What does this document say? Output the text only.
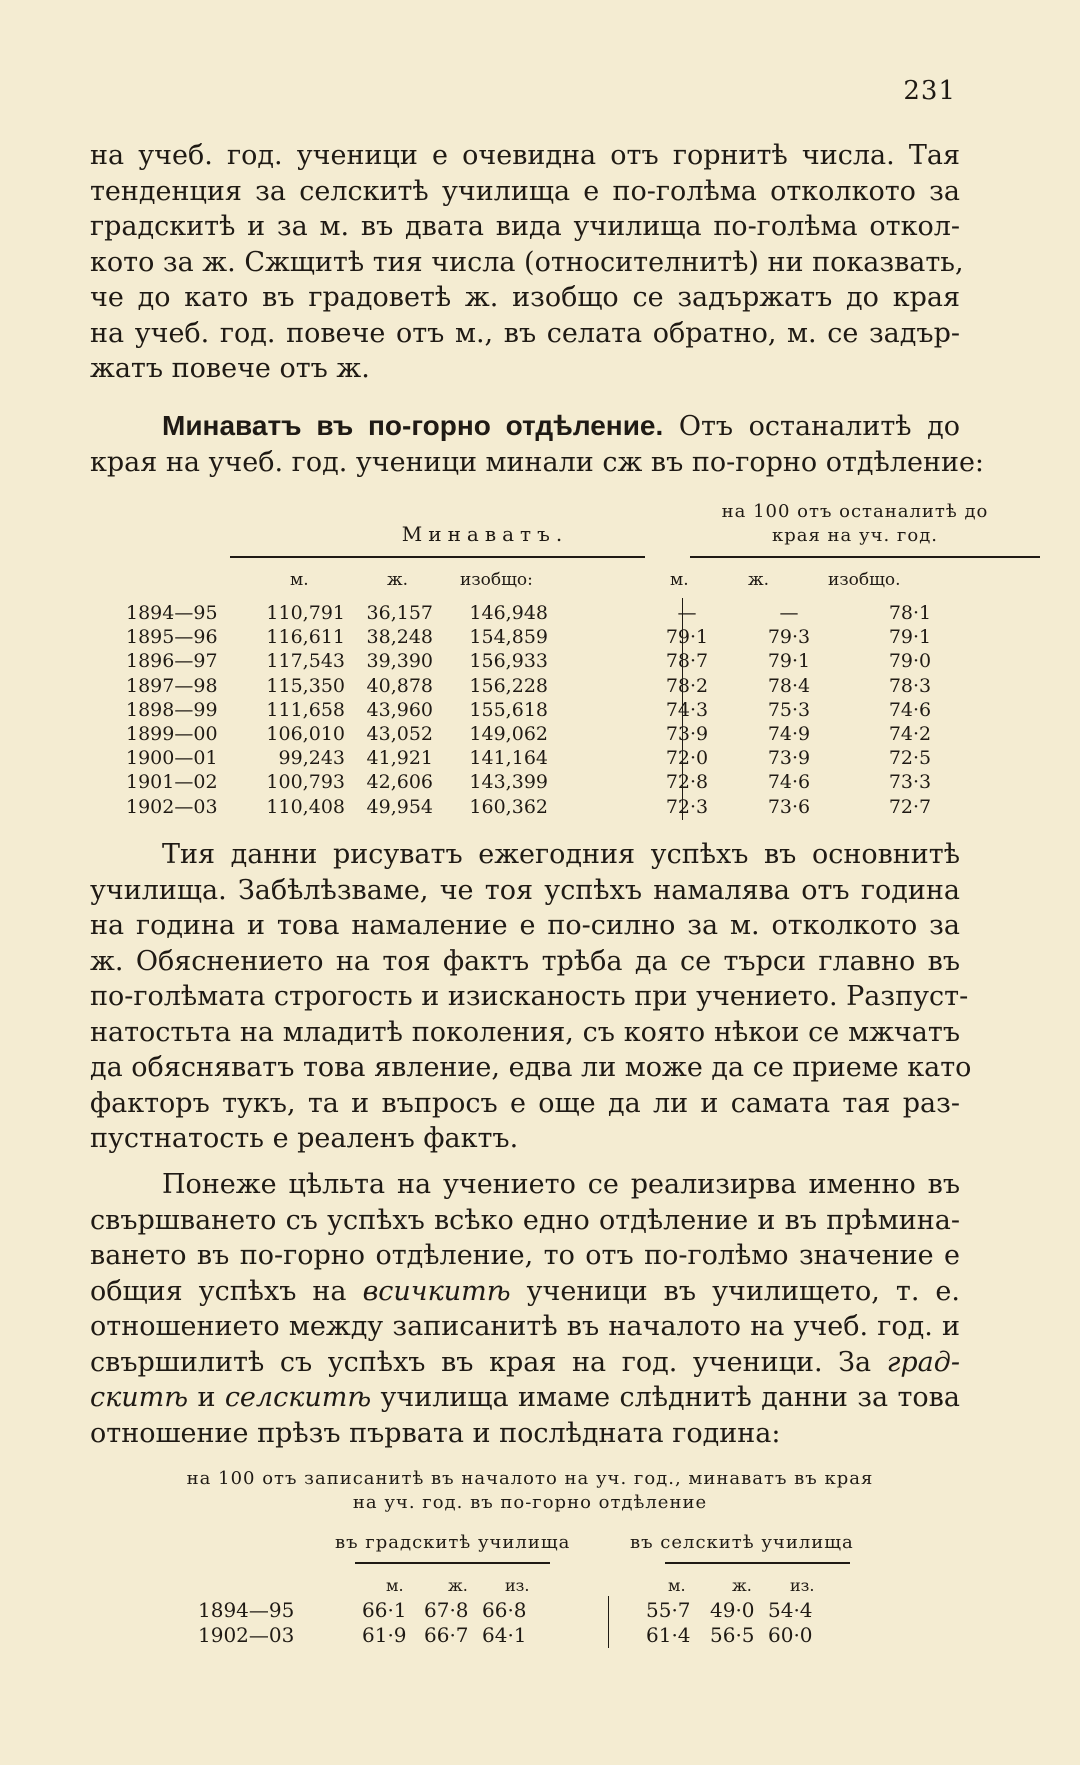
231
на учеб. год. ученици е очевидна отъ горнитѣ числа. Тая
тенденция за селскитѣ училища е по-голѣма отколкото за
градскитѣ и за м. въ двата вида училища по-голѣма откол-
кото за ж. Сжщитѣ тия числа (относителнитѣ) ни показвать,
че до като въ градоветѣ ж. изобщо се задържатъ до края
на учеб. год. повече отъ м., въ селата обратно, м. се задър-
жатъ повече отъ ж.
Минаватъ въ по-горно отдѣление. Отъ останалитѣ до
края на учеб. год. ученици минали сж въ по-горно отдѣление:
Минаватъ.
на 100 отъ останалитѣ до
края на уч. год.
м.	ж.	изобщо:	м.	ж.	изобщо.
1894—95	110,791	36,157	146,948	—	—	78·1
1895—96	116,611	38,248	154,859	79·1	79·3	79·1
1896—97	117,543	39,390	156,933	78·7	79·1	79·0
1897—98	115,350	40,878	156,228	78·2	78·4	78·3
1898—99	111,658	43,960	155,618	74·3	75·3	74·6
1899—00	106,010	43,052	149,062	73·9	74·9	74·2
1900—01	99,243	41,921	141,164	72·0	73·9	72·5
1901—02	100,793	42,606	143,399	72·8	74·6	73·3
1902—03	110,408	49,954	160,362	72·3	73·6	72·7
Тия данни рисуватъ ежегодния успѣхъ въ основнитѣ
училища. Забѣлѣзваме, че тоя успѣхъ намалява отъ година
на година и това намаление е по-силно за м. отколкото за
ж. Обяснението на тоя фактъ трѣба да се търси главно въ
по-голѣмата строгость и изисканость при учението. Разпуст-
натостьта на младитѣ поколения, съ която нѣкои се мжчатъ
да обясняватъ това явление, едва ли може да се приеме като
факторъ тукъ, та и въпросъ е още да ли и самата тая раз-
пустнатость е реаленъ фактъ.
Понеже цѣльта на учението се реализирва именно въ
свършването съ успѣхъ всѣко едно отдѣление и въ прѣмина-
ването въ по-горно отдѣление, то отъ по-голѣмо значение е
общия успѣхъ на всичкитѣ ученици въ училището, т. е.
отношението между записанитѣ въ началото на учеб. год. и
свършилитѣ съ успѣхъ въ края на год. ученици. За град-
скитѣ и селскитѣ училища имаме слѣднитѣ данни за това
отношение прѣзъ първата и послѣдната година:
на 100 отъ записанитѣ въ началото на уч. год., минаватъ въ края
на уч. год. въ по-горно отдѣление
въ градскитѣ училища	въ селскитѣ училища
м.	ж. из.	м.	ж. из.
1894—95	66·1 67·8 66·8	55·7 49·0 54·4
1902—03	61·9 66·7 64·1	61·4 56·5 60·0
